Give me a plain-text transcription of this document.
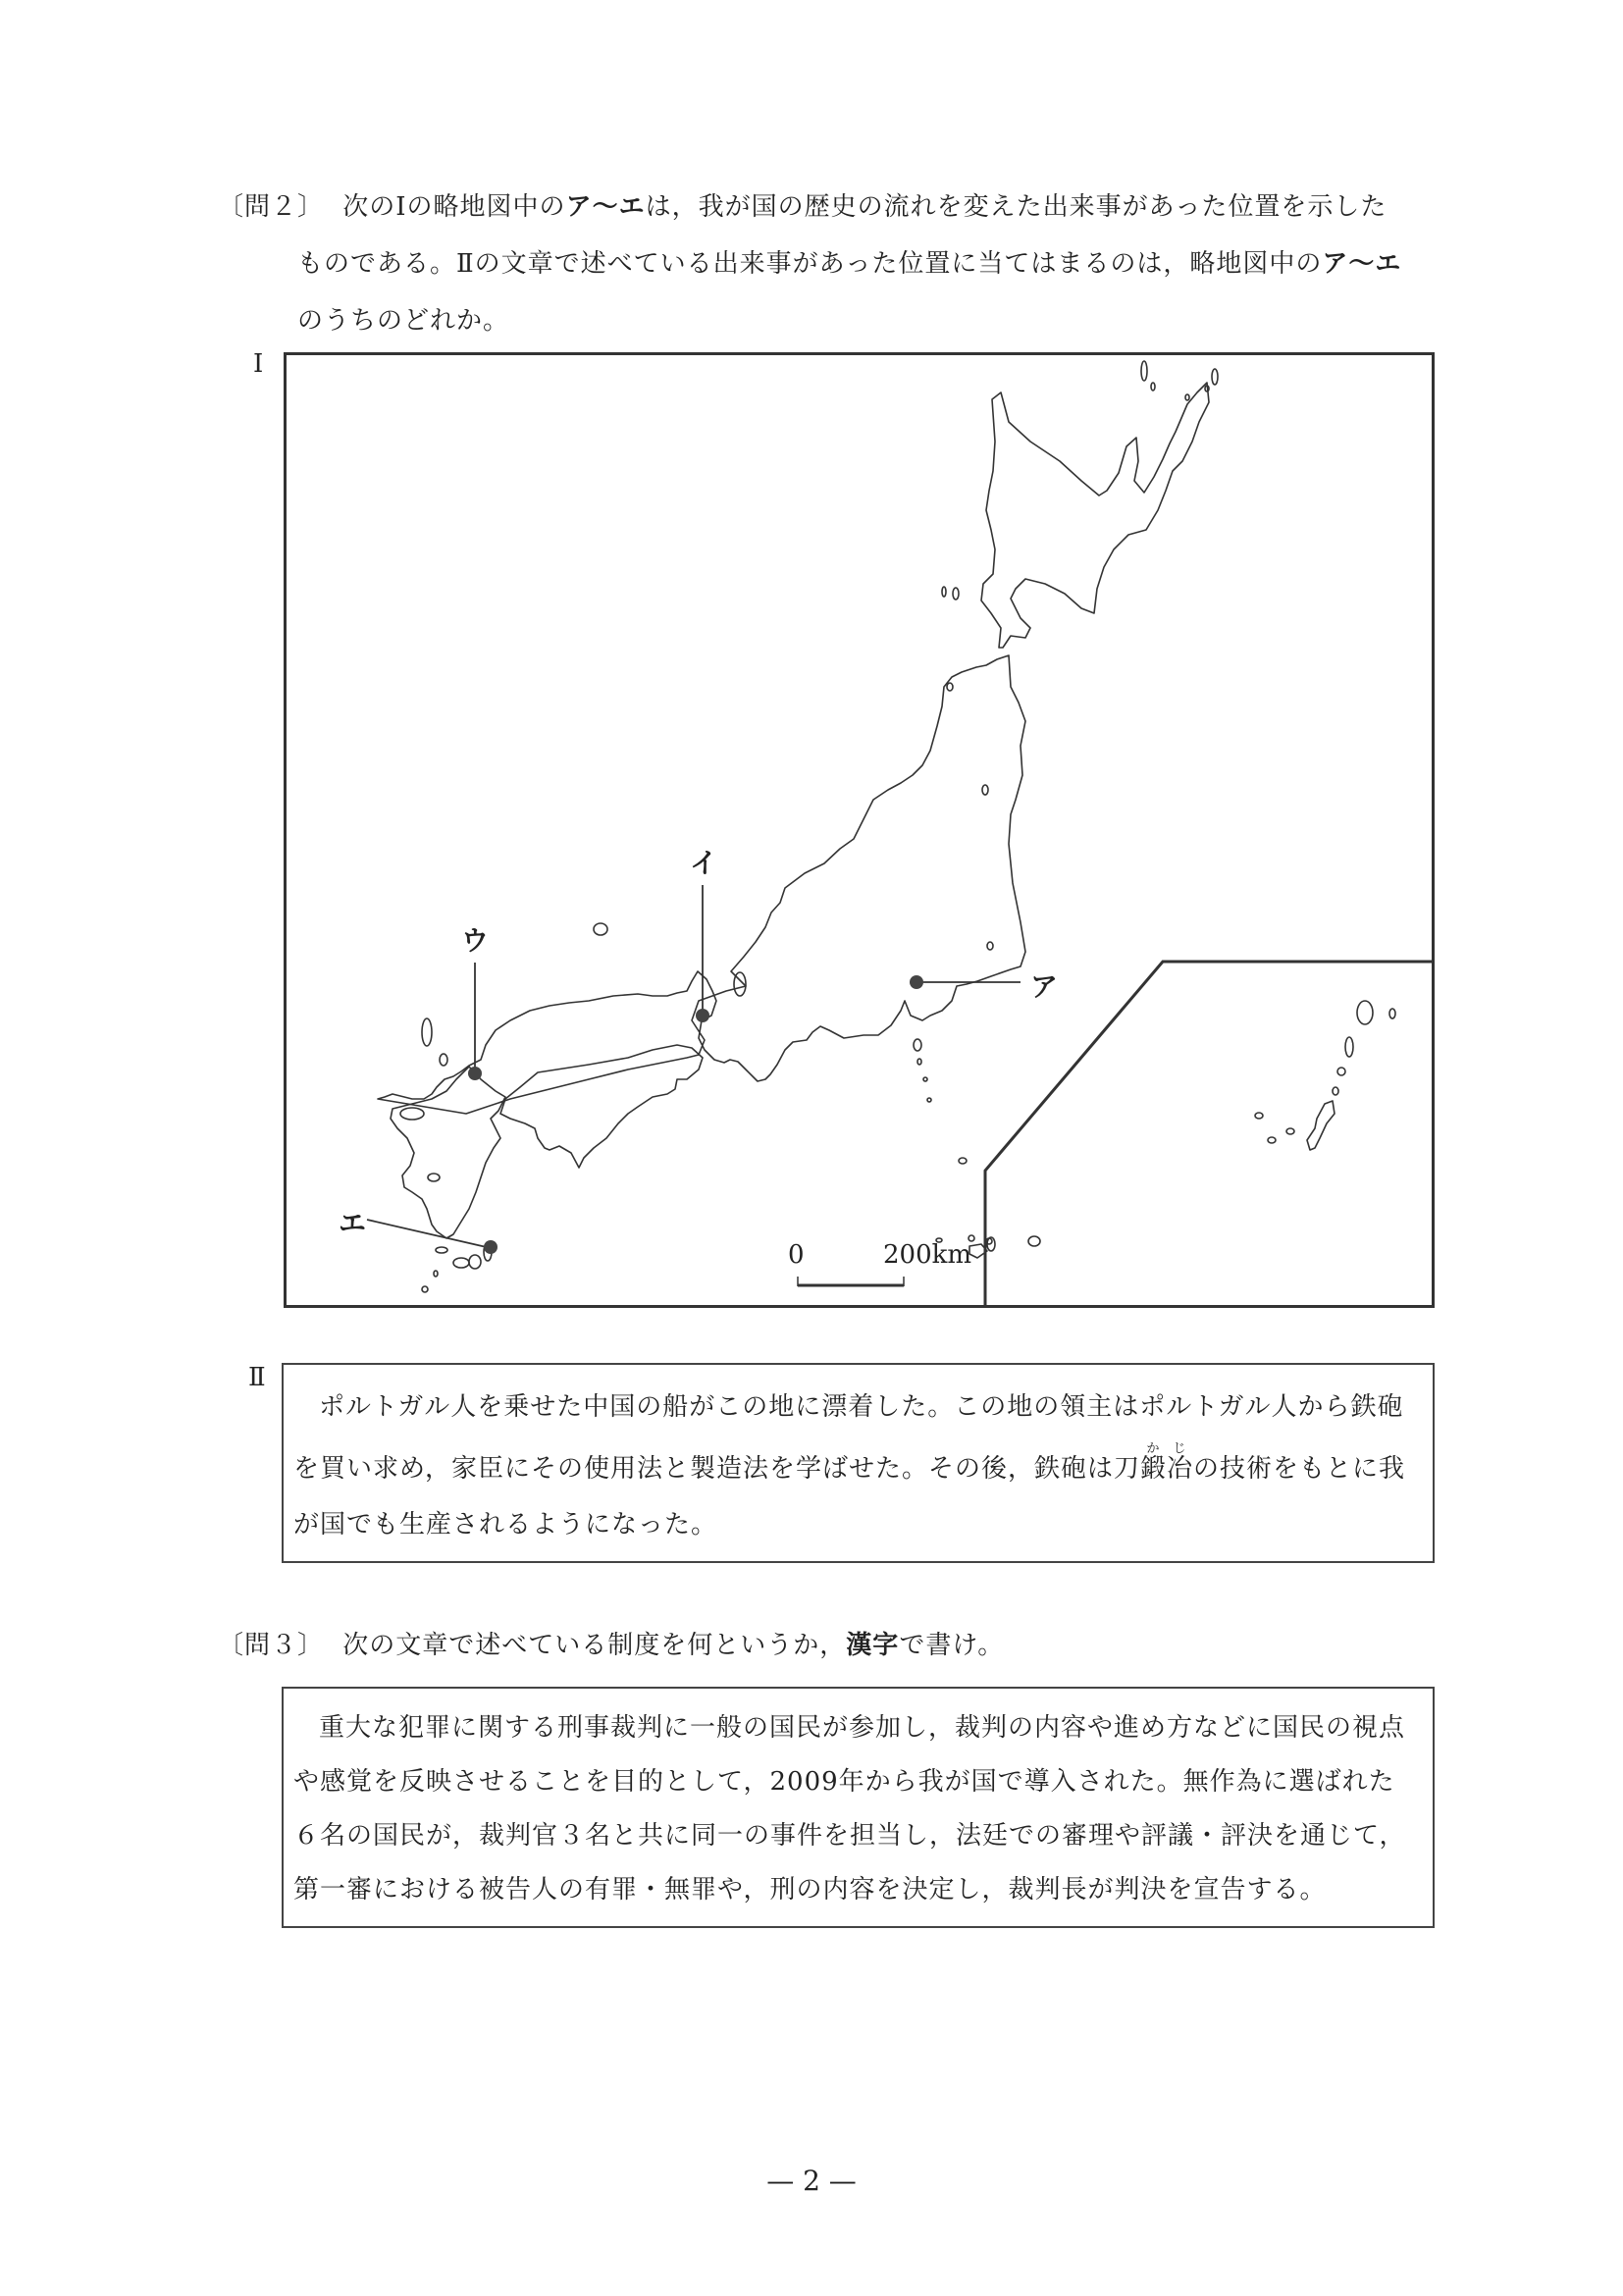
〔問２〕 次のⅠの略地図中のア〜エは，我が国の歴史の流れを変えた出来事があった位置を示した
ものである。Ⅱの文章で述べている出来事があった位置に当てはまるのは，略地図中のア〜エ
のうちのどれか。
Ⅰ
ア
イ
ウ
エ
0	200km
Ⅱ
ポルトガル人を乗せた中国の船がこの地に漂着した。この地の領主はポルトガル人から鉄砲
を買い求め，家臣にその使用法と製造法を学ばせた。その後，鉄砲は刀鍛冶かじの技術をもとに我
が国でも生産されるようになった。
〔問３〕 次の文章で述べている制度を何というか，漢字で書け。
重大な犯罪に関する刑事裁判に一般の国民が参加し，裁判の内容や進め方などに国民の視点
や感覚を反映させることを目的として，2009年から我が国で導入された。無作為に選ばれた
６名の国民が，裁判官３名と共に同一の事件を担当し，法廷での審理や評議・評決を通じて，
第一審における被告人の有罪・無罪や，刑の内容を決定し，裁判長が判決を宣告する。
— 2 —
